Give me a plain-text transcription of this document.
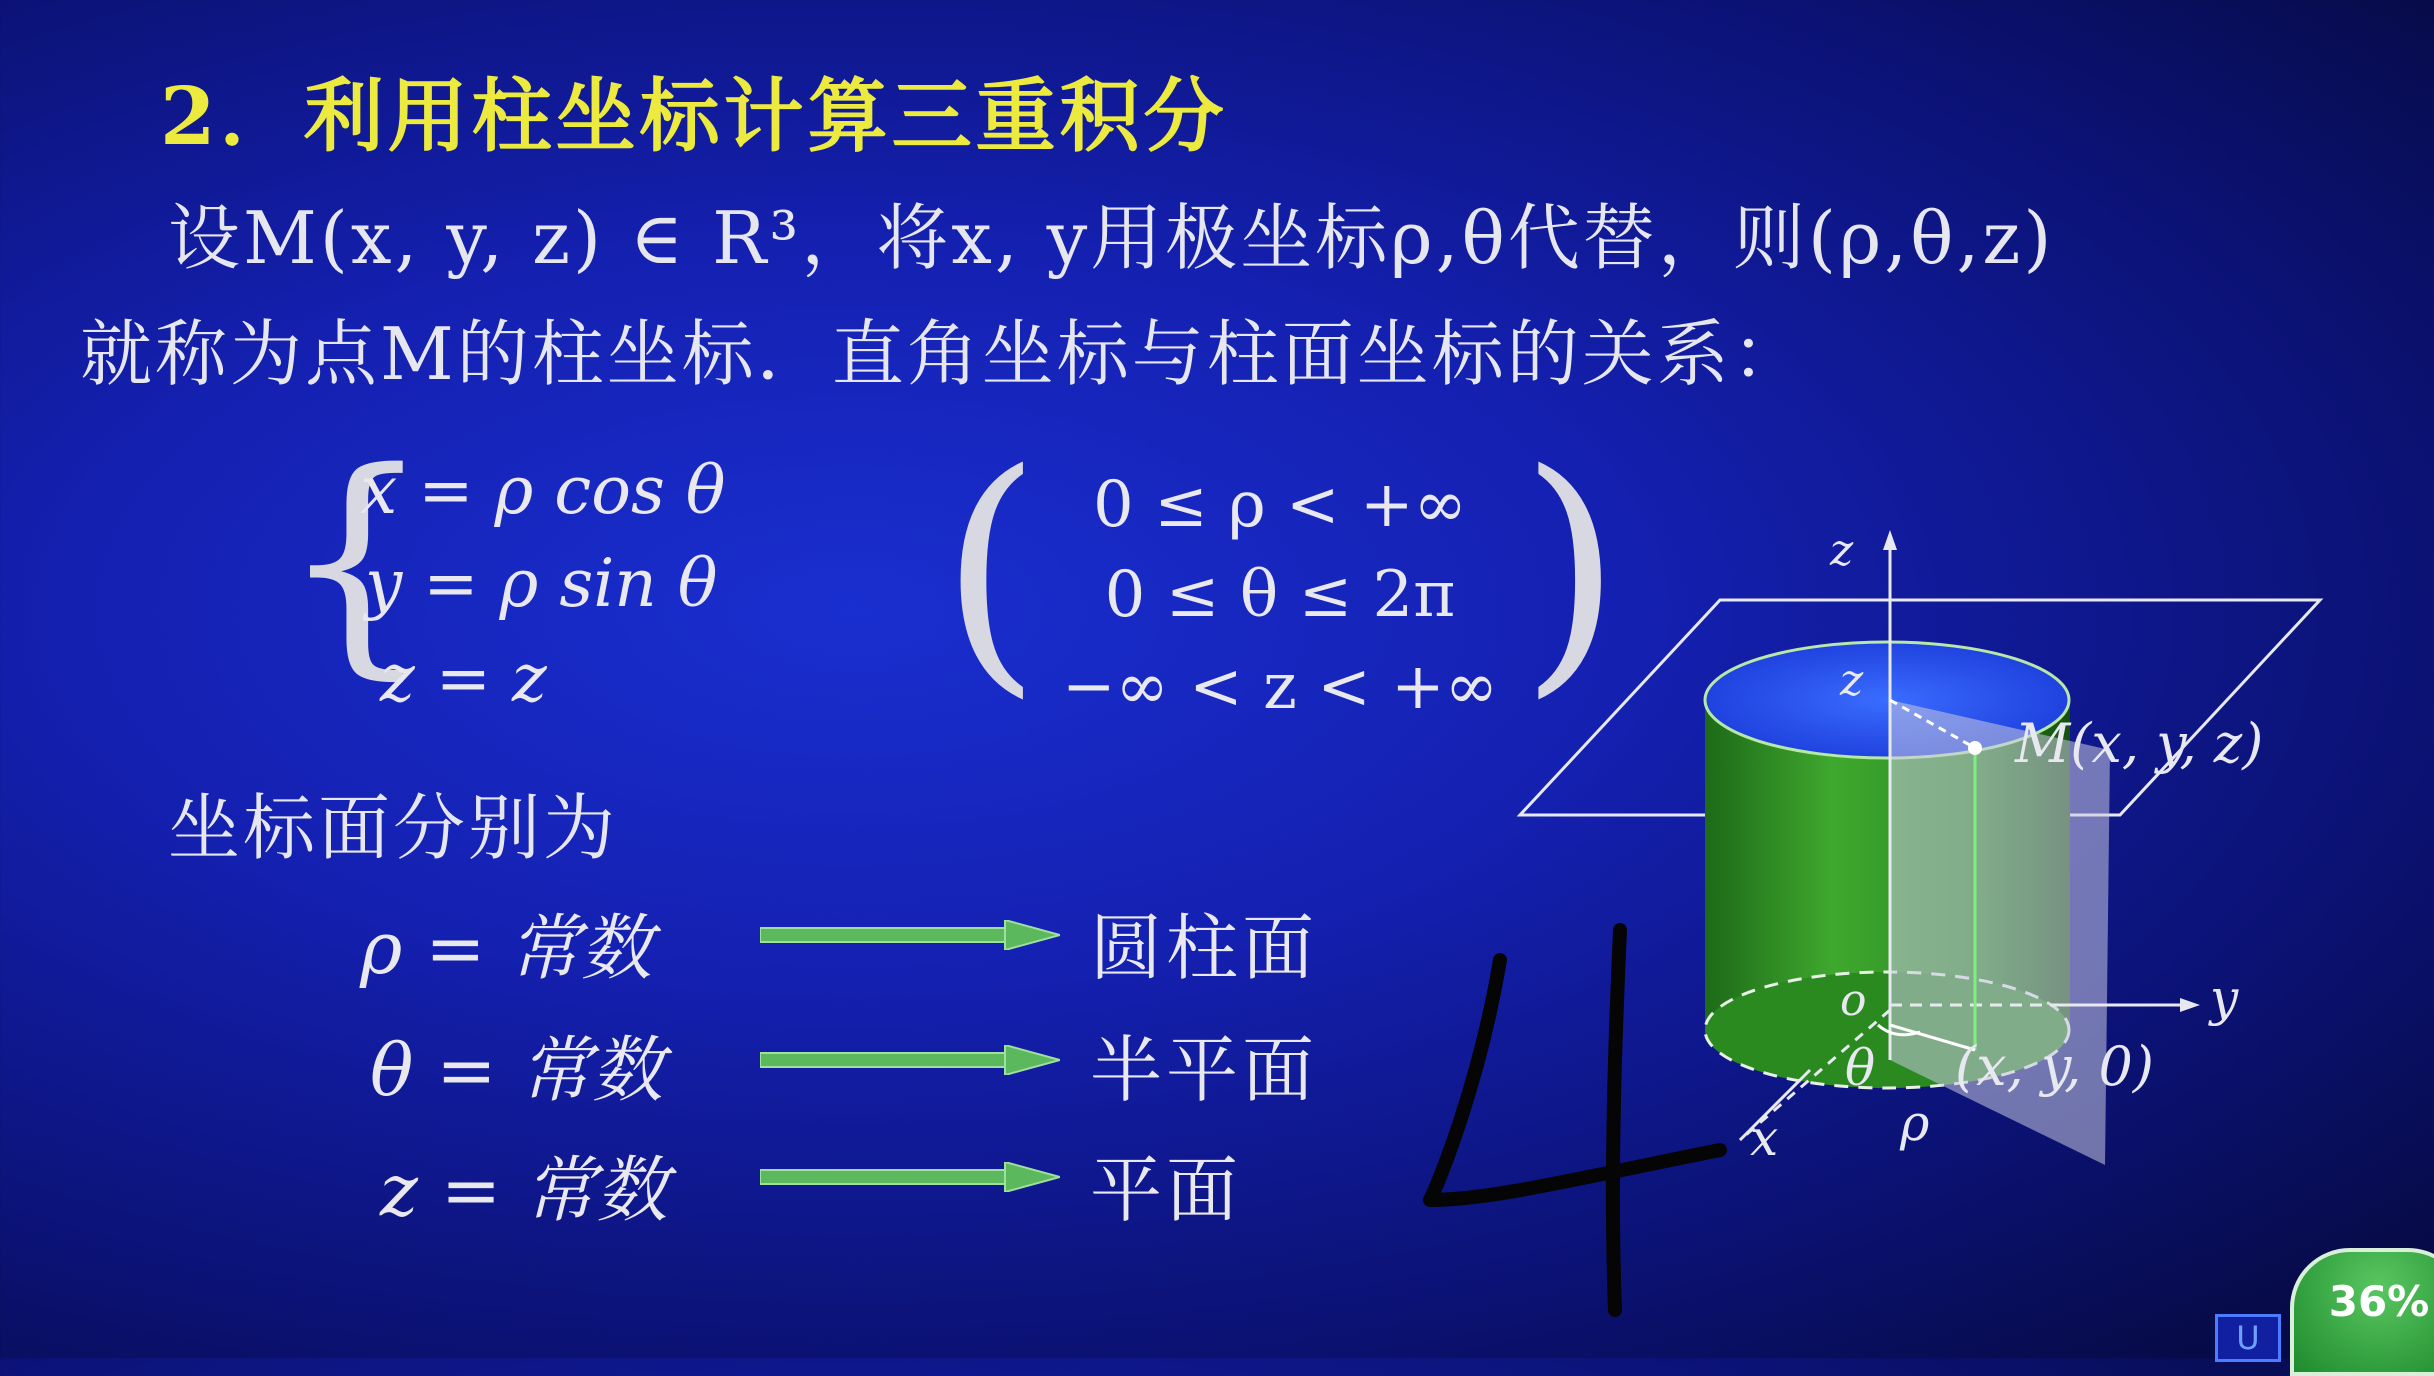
2．利用柱坐标计算三重积分
设M(x, y, z) ∈ R³，将x, y用极坐标ρ,θ代替，则(ρ,θ,z)
就称为点M的柱坐标．直角坐标与柱面坐标的关系：
{
x = ρ cos θ
y = ρ sin θ
z = z ( 0 ≤ ρ < +∞
0 ≤ θ ≤ 2π
−∞ < z < +∞ )
坐标面分别为
ρ = 常数	圆柱面
θ = 常数	半平面
z = 常数	平面
z
z
M(x, y, z)
y
o
θ (x, y, 0)
ρ
x
U
36%
